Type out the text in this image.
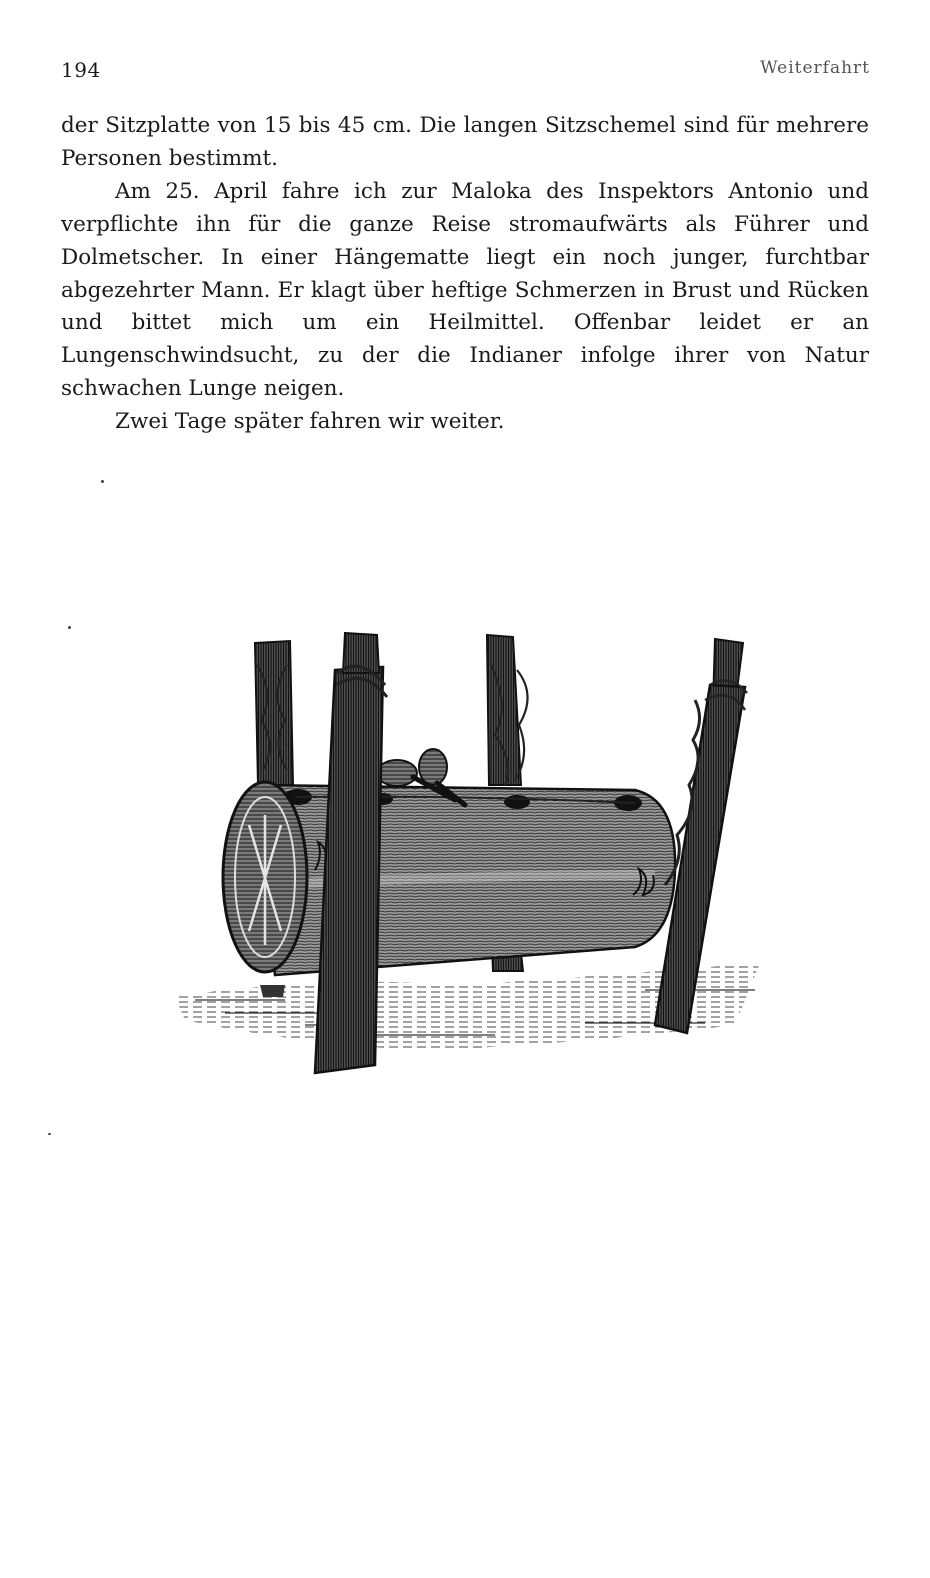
194	Weiterfahrt

der Sitzplatte von 15 bis 45 cm. Die langen Sitzschemel sind für mehrere Personen bestimmt.

Am 25. April fahre ich zur Maloka des Inspektors Antonio und verpflichte ihn für die ganze Reise stromaufwärts als Führer und Dolmetscher. In einer Hängematte liegt ein noch junger, furchtbar abgezehrter Mann. Er klagt über heftige Schmerzen in Brust und Rücken und bittet mich um ein Heilmittel. Offenbar leidet er an Lungenschwindsucht, zu der die Indianer infolge ihrer von Natur schwachen Lunge neigen.

Zwei Tage später fahren wir weiter.
